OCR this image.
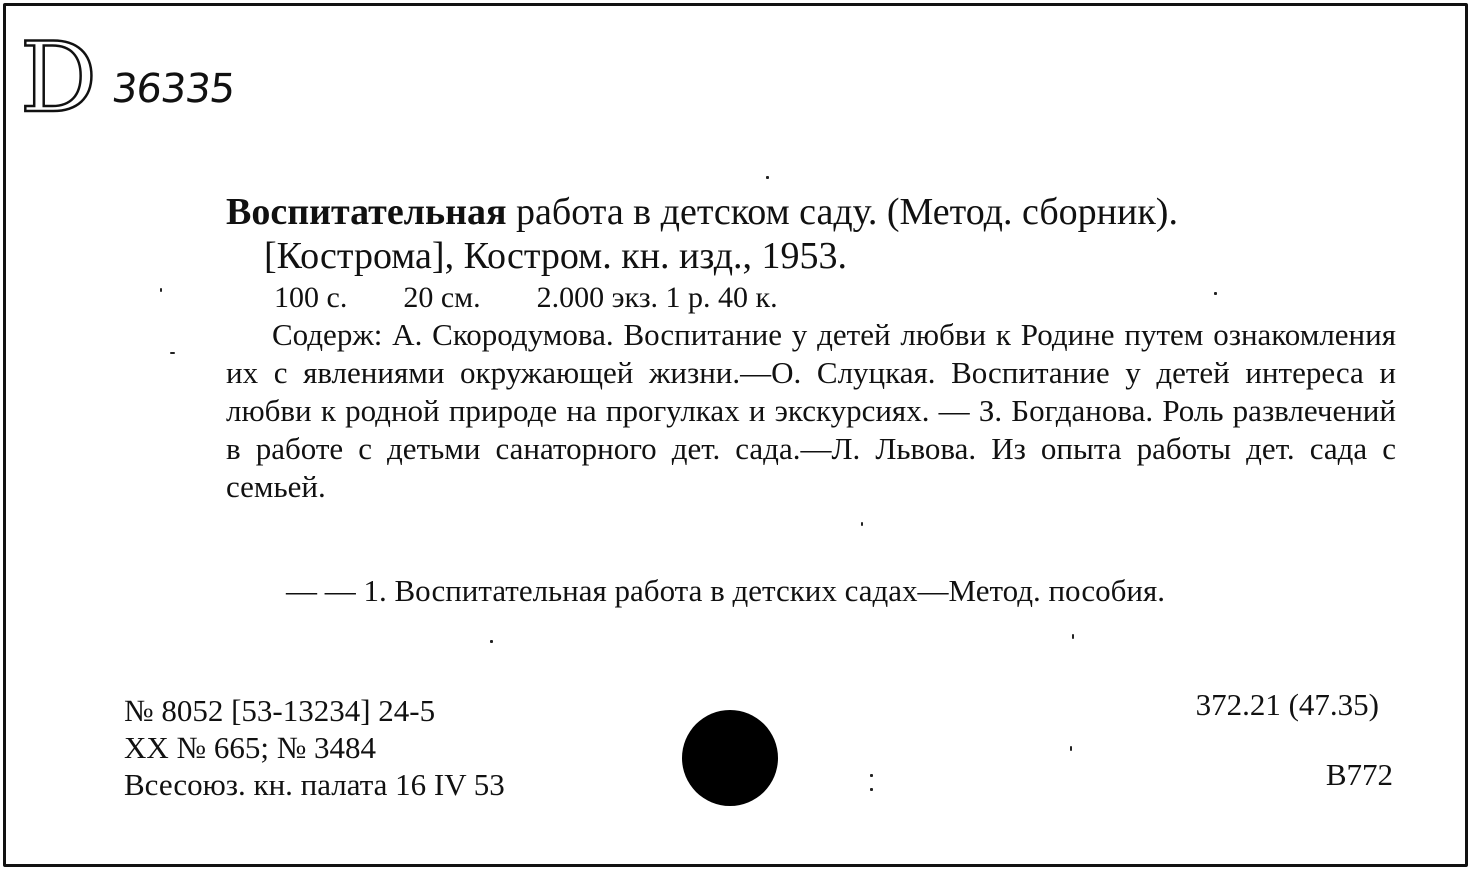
D 36335
Воспитательная работа в детском саду. (Метод. сборник).
[Кострома], Костром. кн. изд., 1953.
100 с. 20 см. 2.000 экз. 1 р. 40 к.

Содерж: А. Скородумова. Воспитание у детей любви к Родине путем ознакомления их с явлениями окружающей жизни.—О. Слуцкая. Воспитание у детей интереса и любви к родной природе на прогулках и экскурсиях. — З. Богданова. Роль развлечений в работе с детьми санаторного дет. сада.—Л. Львова. Из опыта работы дет. сада с семьей.

— — 1. Воспитательная работа в детских садах—Метод. пособия.

№ 8052 [53-13234] 24-5
XX № 665; № 3484
Всесоюз. кн. палата 16 IV 53
372.21 (47.35)
В772
